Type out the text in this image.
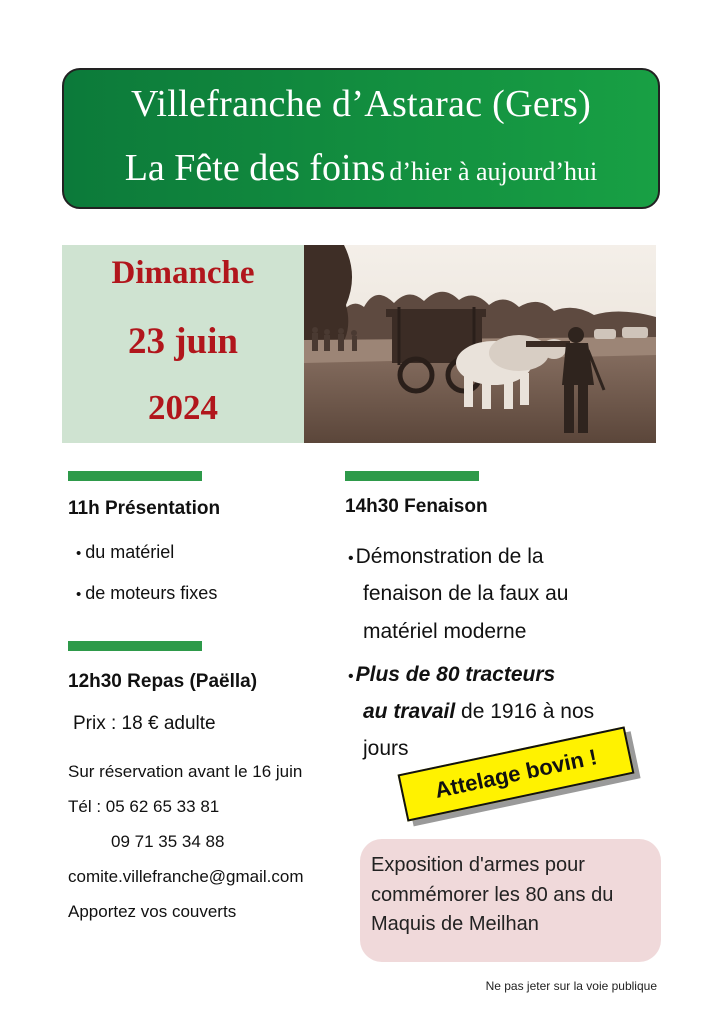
Villefranche d’Astarac (Gers)
La Fête des foins d’hier à aujourd’hui
Dimanche
23 juin
2024
11h Présentation
• du matériel
• de moteurs fixes
12h30 Repas (Paëlla)
Prix : 18 € adulte
Sur réservation avant le 16 juin
Tél : 05 62 65 33 81
09 71 35 34 88
comite.villefranche@gmail.com
Apportez vos couverts
14h30 Fenaison
•Démonstration de la
fenaison de la faux au
matériel moderne
•Plus de 80 tracteurs
au travail de 1916 à nos
jours	Attelage bovin !
Exposition d'armes pour
commémorer les 80 ans du
Maquis de Meilhan
Ne pas jeter sur la voie publique
